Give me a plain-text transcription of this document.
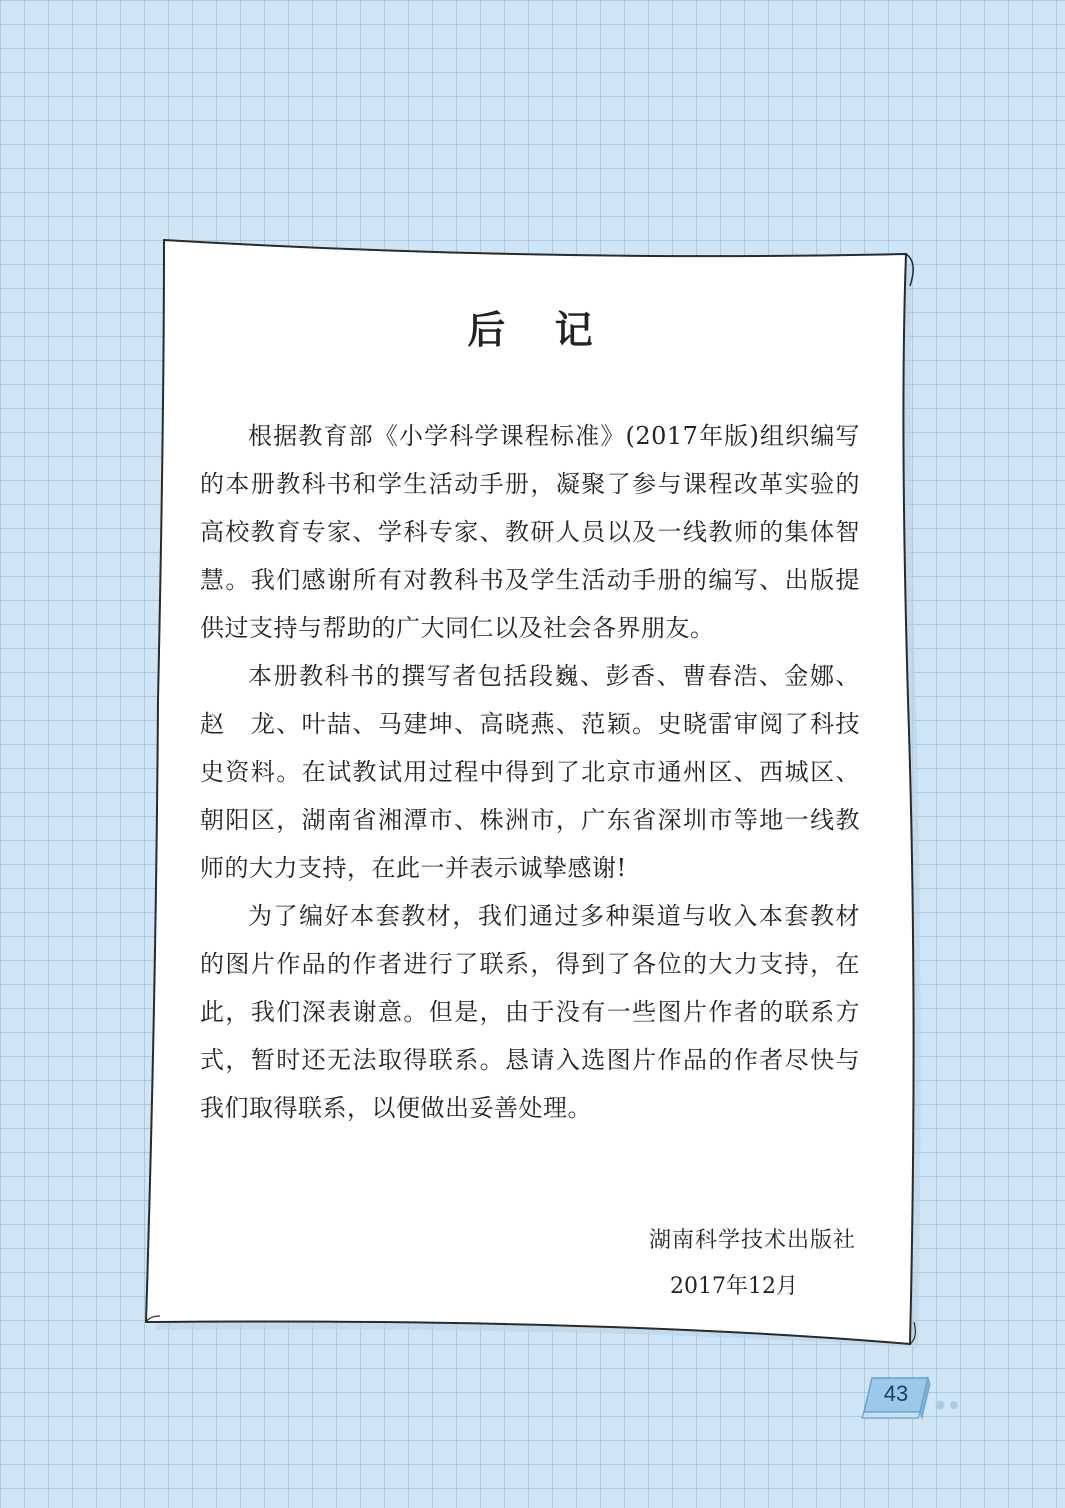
后 记

根据教育部《小学科学课程标准》(2017年版)组织编写的本册教科书和学生活动手册，凝聚了参与课程改革实验的高校教育专家、学科专家、教研人员以及一线教师的集体智慧。我们感谢所有对教科书及学生活动手册的编写、出版提供过支持与帮助的广大同仁以及社会各界朋友。

本册教科书的撰写者包括段巍、彭香、曹春浩、金娜、赵　龙、叶喆、马建坤、高晓燕、范颖。史晓雷审阅了科技史资料。在试教试用过程中得到了北京市通州区、西城区、朝阳区，湖南省湘潭市、株洲市，广东省深圳市等地一线教师的大力支持，在此一并表示诚挚感谢!

为了编好本套教材，我们通过多种渠道与收入本套教材的图片作品的作者进行了联系，得到了各位的大力支持，在此，我们深表谢意。但是，由于没有一些图片作者的联系方式，暂时还无法取得联系。恳请入选图片作品的作者尽快与我们取得联系，以便做出妥善处理。

湖南科学技术出版社
2017年12月
43
